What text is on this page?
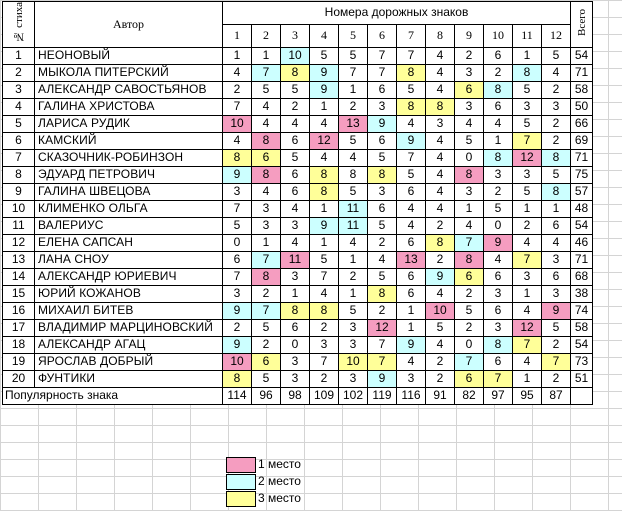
№ стиха	Автор	Номера дорожных знаков												Всего
		1	2	3	4	5	6	7	8	9	10	11	12	
1	НЕОНОВЫЙ	1	1	10	5	5	7	7	4	2	6	1	5	54
2	МЫКОЛА ПИТЕРСКИЙ	4	7	8	9	7	7	8	4	3	2	8	4	71
3	АЛЕКСАНДР САВОСТЬЯНОВ	2	5	5	9	1	6	5	4	6	8	5	2	58
4	ГАЛИНА ХРИСТОВА	7	4	2	1	2	3	8	8	3	6	3	3	50
5	ЛАРИСА РУДИК	10	4	4	4	13	9	4	3	4	4	5	2	66
6	КАМСКИЙ	4	8	6	12	5	6	9	4	5	1	7	2	69
7	СКАЗОЧНИК-РОБИНЗОН	8	6	5	4	4	5	7	4	0	8	12	8	71
8	ЭДУАРД ПЕТРОВИЧ	9	8	6	8	8	8	5	4	8	3	3	5	75
9	ГАЛИНА ШВЕЦОВА	3	4	6	8	5	3	6	4	3	2	5	8	57
10	КЛИМЕНКО ОЛЬГА	7	3	4	1	11	6	4	4	1	5	1	1	48
11	ВАЛЕРИУС	5	3	3	9	11	5	4	2	4	0	2	6	54
12	ЕЛЕНА САПСАН	0	1	4	1	4	2	6	8	7	9	4	4	46
13	ЛАНА СНОУ	6	7	11	5	1	4	13	2	8	4	7	3	71
14	АЛЕКСАНДР ЮРИЕВИЧ	7	8	3	7	2	5	6	9	6	6	3	6	68
15	ЮРИЙ КОЖАНОВ	3	2	1	4	1	8	6	4	2	3	1	3	38
16	МИХАИЛ БИТЕВ	9	7	8	8	5	2	1	10	5	6	4	9	74
17	ВЛАДИМИР МАРЦИНОВСКИЙ	2	5	6	2	3	12	1	5	2	3	12	5	58
18	АЛЕКСАНДР АГАЦ	9	2	0	3	3	7	9	4	0	8	7	2	54
19	ЯРОСЛАВ ДОБРЫЙ	10	6	3	7	10	7	4	2	7	6	4	7	73
20	ФУНТИКИ	8	5	3	2	3	9	3	2	6	7	1	2	51
Популярность знака		114	96	98	109	102	119	116	91	82	97	95	87	
1 место
2 место
3 место
